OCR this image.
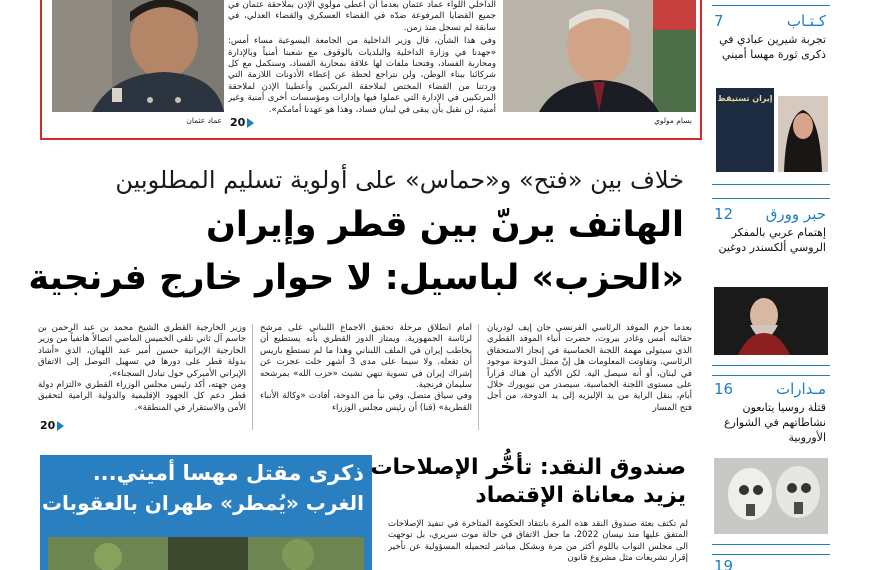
عماد عثمان

الداخلي اللواء عماد عثمان بعدما أن أعطى مولوي الإذن بملاحقة عثمان في جميع القضايا المرفوعة ضدّه في القضاء العسكري والقضاء العدلي، في سابقة لم تسجل منذ زمن.

وفي هذا الشأن، قال وزير الداخلية من الجامعة اليسوعية مساء أمس: «جهدنا في وزارة الداخلية والبلديات بالوقوف مع شعبنا أمنياً وبالإدارة ومحاربة الفساد، وفتحنا ملفات لها علاقة بمحاربة الفساد، وسنكمل مع كل شركائنا ببناء الوطن، ولن نتراجع لحظة عن إعطاء الأذونات اللازمة التي وردتنا من القضاء المختص لملاحقة المرتكبين وأعطينا الإذن لملاحقة المرتكبين في الإدارة التي عملوا فيها وإدارات ومؤسسات أخرى أمنية وغير أمنية، لن نقبل بأن يبقى في لبنان فساد، وهذا هو عهدنا أمامكم».

20	بسام مولوي
خلاف بين «فتح» و«حماس» على أولوية تسليم المطلوبين
الهاتف يرنّ بين قطر وإيران
«الحزب» لباسيل: لا حوار خارج فرنجية
بعدما حزم الموفد الرئاسي الفرنسي جان إيف لودريان حقائبه أمس وغادر بيروت، حضرت أنباء الموفد القطري الذي سيتولى مهمة اللجنة الخماسية في إنجاز الاستحقاق الرئاسي. وتفاوتت المعلومات هل إنّ ممثل الدوحة موجود في لبنان، أو أنه سيصل اليه. لكن الأكيد أن هناك قراراً على مستوى اللجنة الخماسية، سيصدر من نيويورك خلال أيام، بنقل الراية من يد الإليزيه إلى يد الدوحة، من أجل فتح المسار
أمام انطلاق مرحلة تحقيق الاجماع اللبناني على مرشح لرئاسة الجمهورية. ويمتاز الدور القطري بأنه يستطيع أن يخاطب إيران في الملف اللبناني وهذا ما لم تستطع باريس أن تفعله. ولا سيما على مدى 3 أشهر خلت عجزت عن إشراك إيران في تسوية تنهي تشبث «حزب الله» بمرشحه سليمان فرنجية.
وفي سياق متصل، وفي نبأ من الدوحة، أفادت «وكالة الأنباء القطرية» (قنا) أن رئيس مجلس الوزراء
وزير الخارجية القطري الشيخ محمد بن عبد الرحمن بن جاسم آل ثاني تلقى الخميس الماضي اتصالاً هاتفياً من وزير الخارجية الإيرانية حسين أمير عبد اللهيان، الذي «أشاد بدولة قطر على دورها في تسهيل التوصل إلى الاتفاق الإيراني الأميركي حول تبادل السجناء».
ومن جهته، أكد رئيس مجلس الوزراء القطري «التزام دولة قطر دعم كل الجهود الإقليمية والدولية الرامية لتحقيق الأمن والاستقرار في المنطقة».
20
ذكرى مقتل مهسا أميني...
الغرب «يُمطر» طهران بالعقوبات
صندوق النقد: تأخُّر الإصلاحات
يزيد معاناة الإقتصاد
لم تكتف بعثة صندوق النقد هذه المرة بانتقاد الحكومة المتأخرة في تنفيذ الإصلاحات المتفق عليها منذ نيسان 2022، ما جعل الاتفاق في حالة موت سريري، بل توجهت الى مجلس النواب باللوم أكثر من مرة وبشكل مباشر لتحميله المسؤولية عن تأخير إقرار تشريعات مثل مشروع قانون
7	كـتـاب
تجربة شيرين عبادي في ذكرى ثورة مهسا أميني
إيران تستيقظ
12 حبر وورق
إهتمام عربي بالمفكر الروسي ألكسندر دوغين
16	مـدارات
قتلة روسيا يتابعون نشاطاتهم في الشوارع الأوروبية
19
